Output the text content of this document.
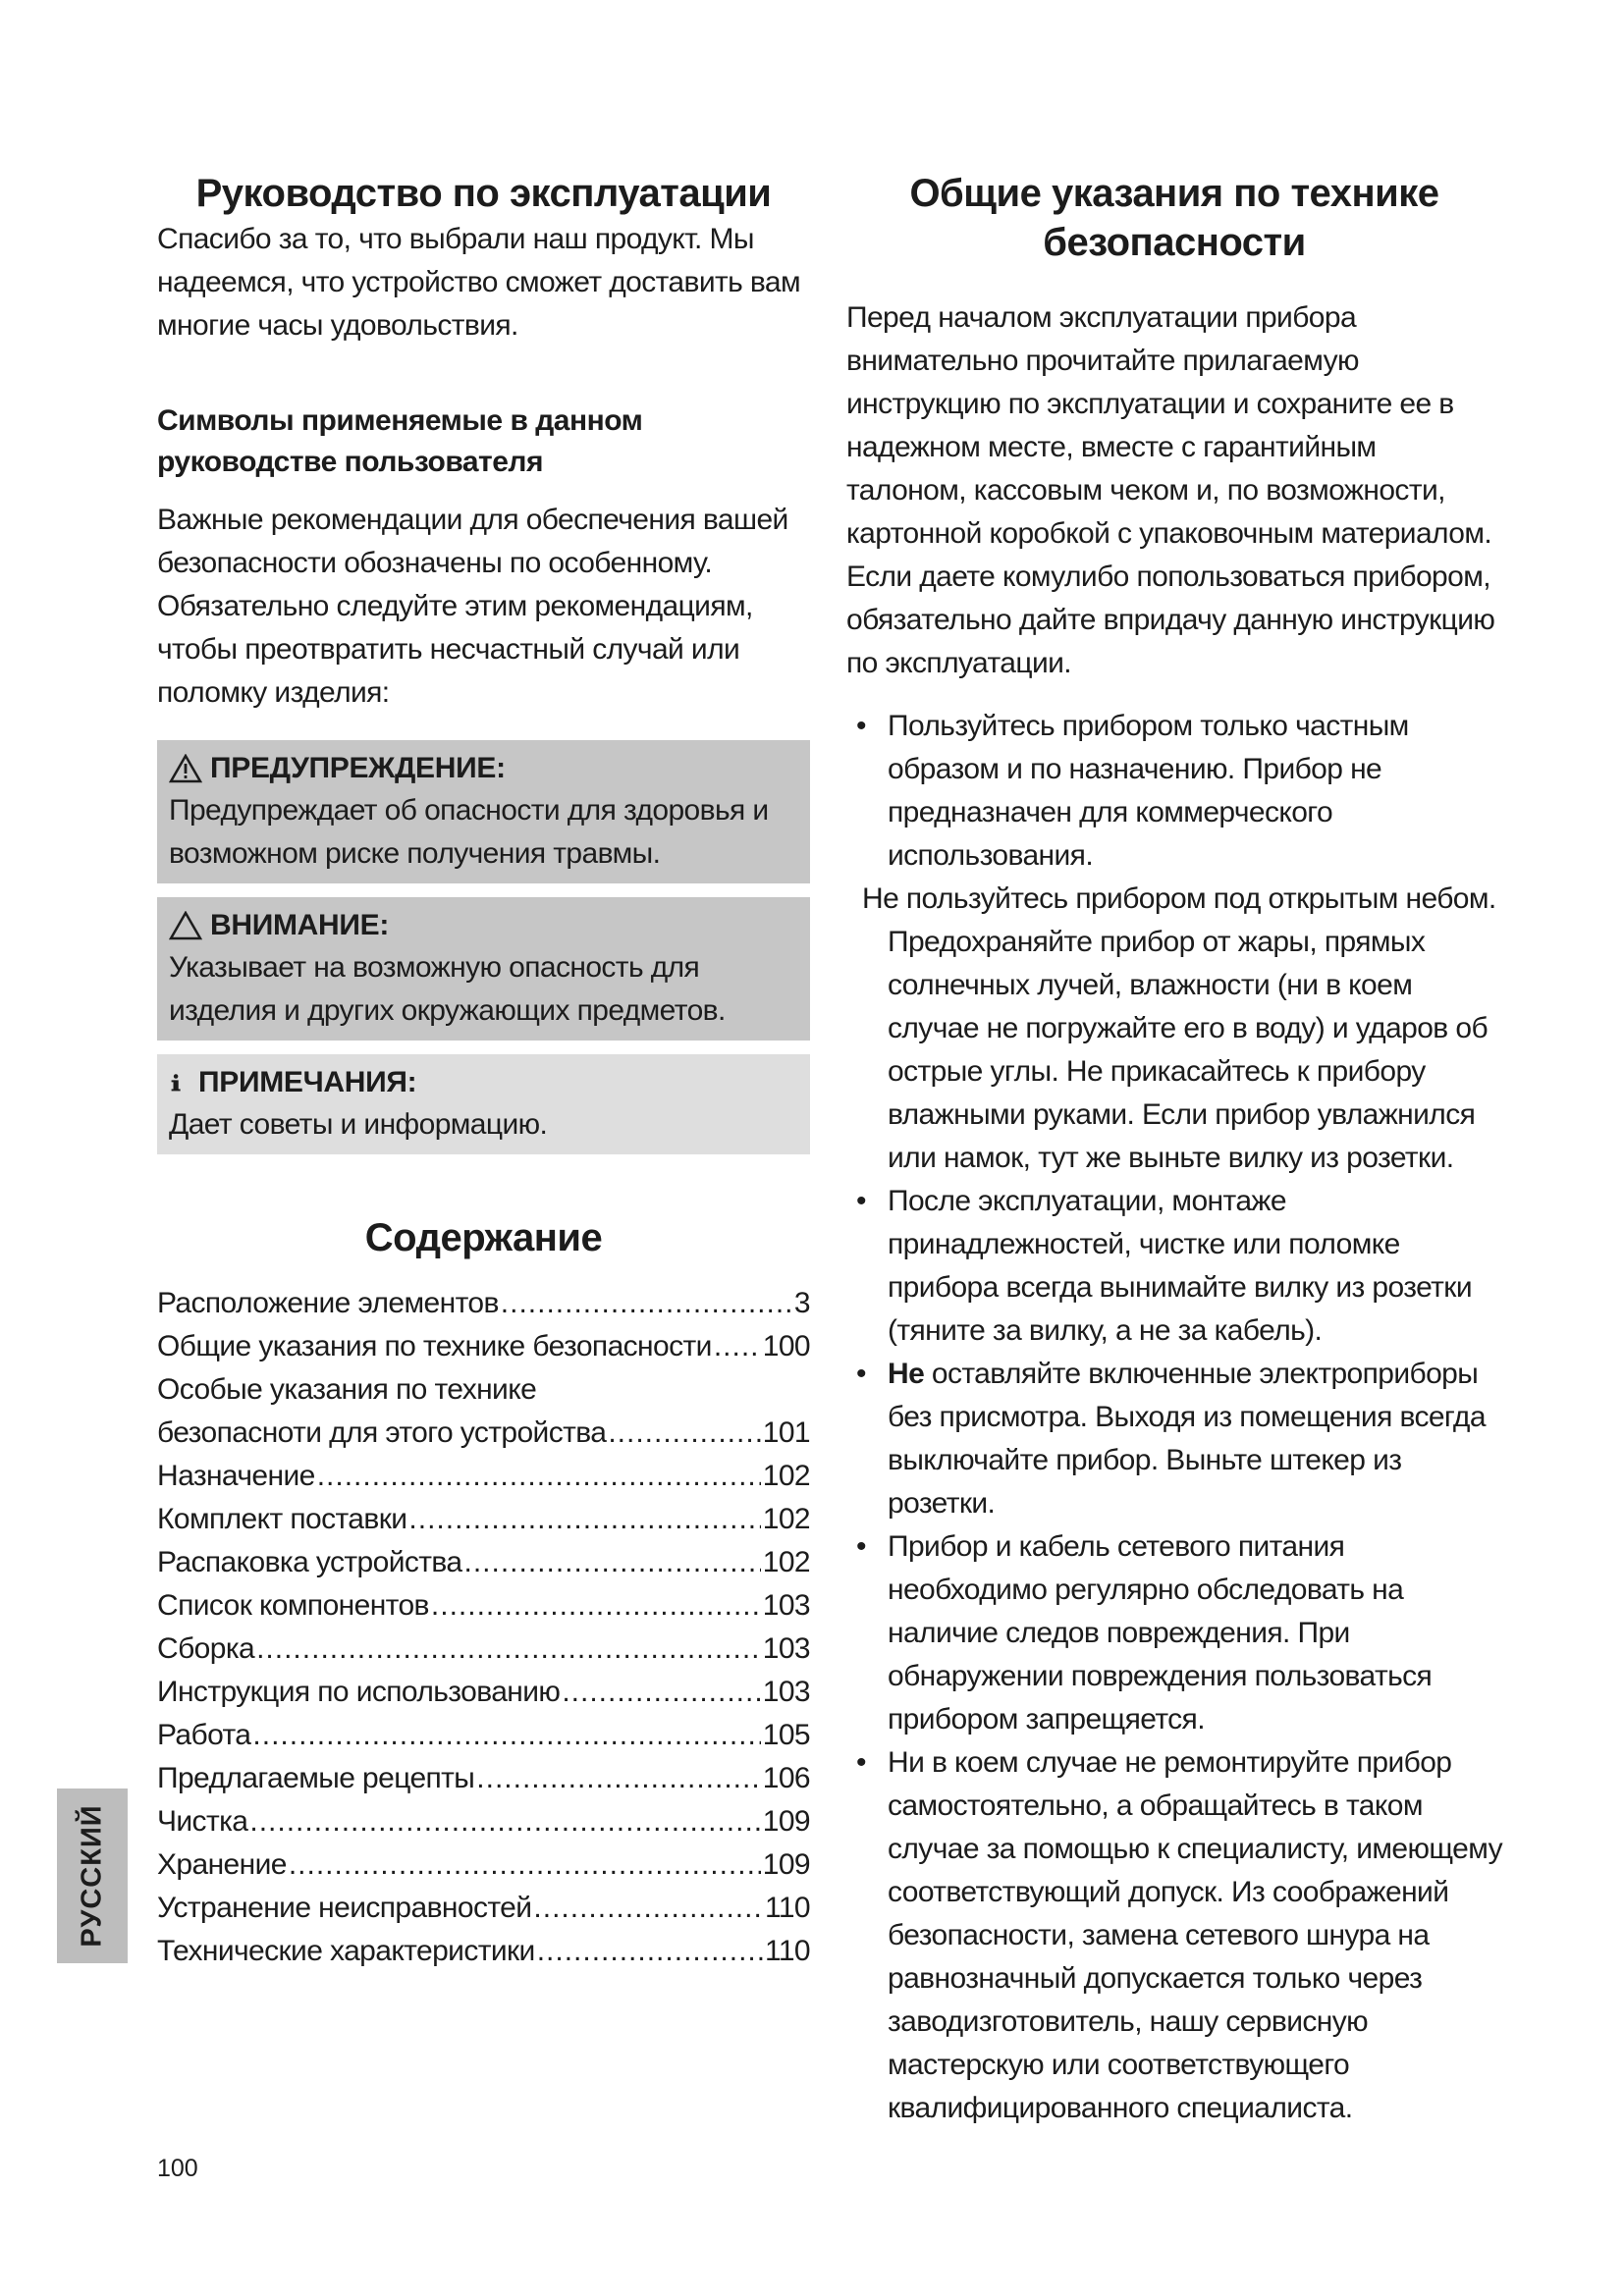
Руководство по эксплуатации

Спасибо за то, что выбрали наш продукт. Мы надеемся, что устройство сможет доставить вам многие часы удовольствия.

Символы применяемые в данном руководстве пользователя

Важные рекомендации для обеспечения вашей безопасности обозначены по особенному. Обязательно следуйте этим рекомендациям, чтобы преотвратить несчастный случай или поломку изделия:

ПРЕДУПРЕЖДЕНИЕ:
Предупреждает об опасности для здоровья и возможном риске получения травмы.
ВНИМАНИЕ:
Указывает на возможную опасность для изделия и других окружающих предметов.
ПРИМЕЧАНИЯ:
Дает советы и информацию.
Содержание
Расположение элементов .....	3
Общие указания по технике безопасности ..... 100
Особые указания по технике
безопасноти для этого устройства .....	101
Назначение .....	102
Комплект поставки .....	102
Распаковка устройства .....	102
Список компонентов .....	103
Сборка .....	103
Инструкция по использованию .....	103
Работа .....	105
Предлагаемые рецепты .....	106
Чистка .....	109
Хранение .....	109
Устранение неисправностей .....	110
Технические характеристики .....	110
Общие указания по технике
безопасности

Перед началом эксплуатации прибора внимательно прочитайте прилагаемую инструкцию по эксплуатации и сохраните ее в надежном месте, вместе с гарантийным талоном, кассовым чеком и, по возможности, картонной коробкой с упаковочным материалом. Если даете комулибо попользоваться прибором, обязательно дайте впридачу данную инструкцию по эксплуатации.

• Пользуйтесь прибором только частным образом и по назначению. Прибор не предназначен для коммерческого использования.
Не пользуйтесь прибором под открытым небом. Предохраняйте прибор от жары, прямых солнечных лучей, влажности (ни в коем случае не погружайте его в воду) и ударов об острые углы. Не прикасайтесь к прибору влажными руками. Если прибор увлажнился или намок, тут же выньте вилку из розетки.
• После эксплуатации, монтаже принадлежностей, чистке или поломке прибора всегда вынимайте вилку из розетки (тяните за вилку, а не за кабель).
• Не оставляйте включенные электроприборы без присмотра. Выходя из помещения всегда выключайте прибор. Выньте штекер из розетки.
• Прибор и кабель сетевого питания необходимо регулярно обследовать на наличие следов повреждения. При обнаружении повреждения пользоваться прибором запрещяется.
• Ни в коем случае не ремонтируйте прибор самостоятельно, а обращайтесь в таком случае за помощью к специалисту, имеющему соответствующий допуск. Из соображений безопасности, замена сетевого шнура на равнозначный допускается только через заводизготовитель, нашу сервисную мастерскую или соответствующего квалифицированного специалиста.
РУССКИЙ
100
